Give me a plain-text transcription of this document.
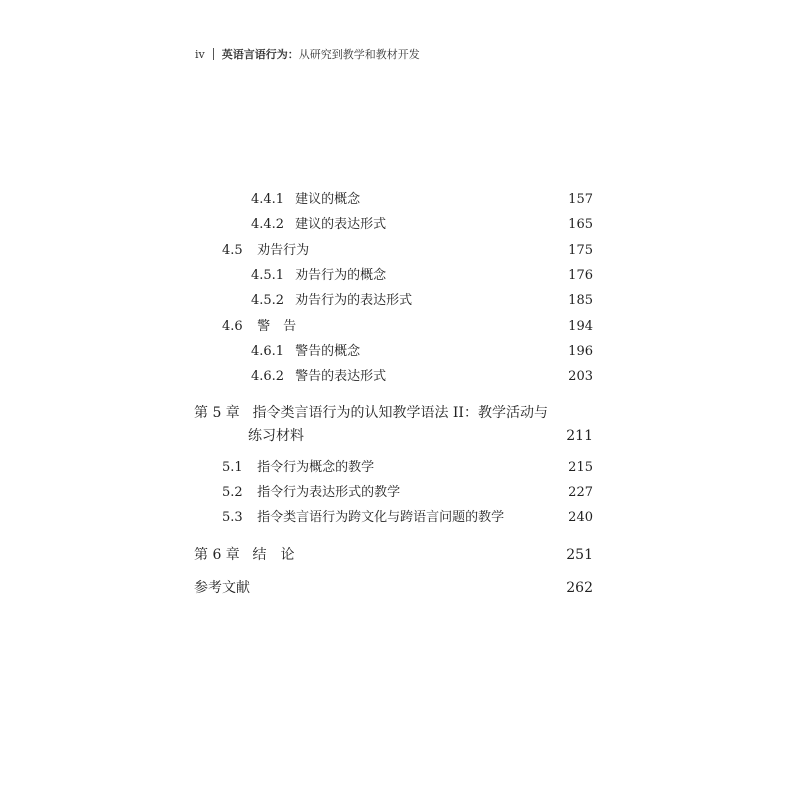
iv 英语言语行为： 从研究到教学和教材开发
4.4.1 建议的概念	157
4.4.2 建议的表达形式	165
4.5 劝告行为	175
4.5.1 劝告行为的概念	176
4.5.2 劝告行为的表达形式	185
4.6 警　告	194
4.6.1 警告的概念	196
4.6.2 警告的表达形式	203
第 5 章 指令类言语行为的认知教学语法 II：教学活动与
练习材料	211
5.1 指令行为概念的教学	215
5.2 指令行为表达形式的教学	227
5.3 指令类言语行为跨文化与跨语言问题的教学	240
第 6 章 结　论	251
参考文献	262
